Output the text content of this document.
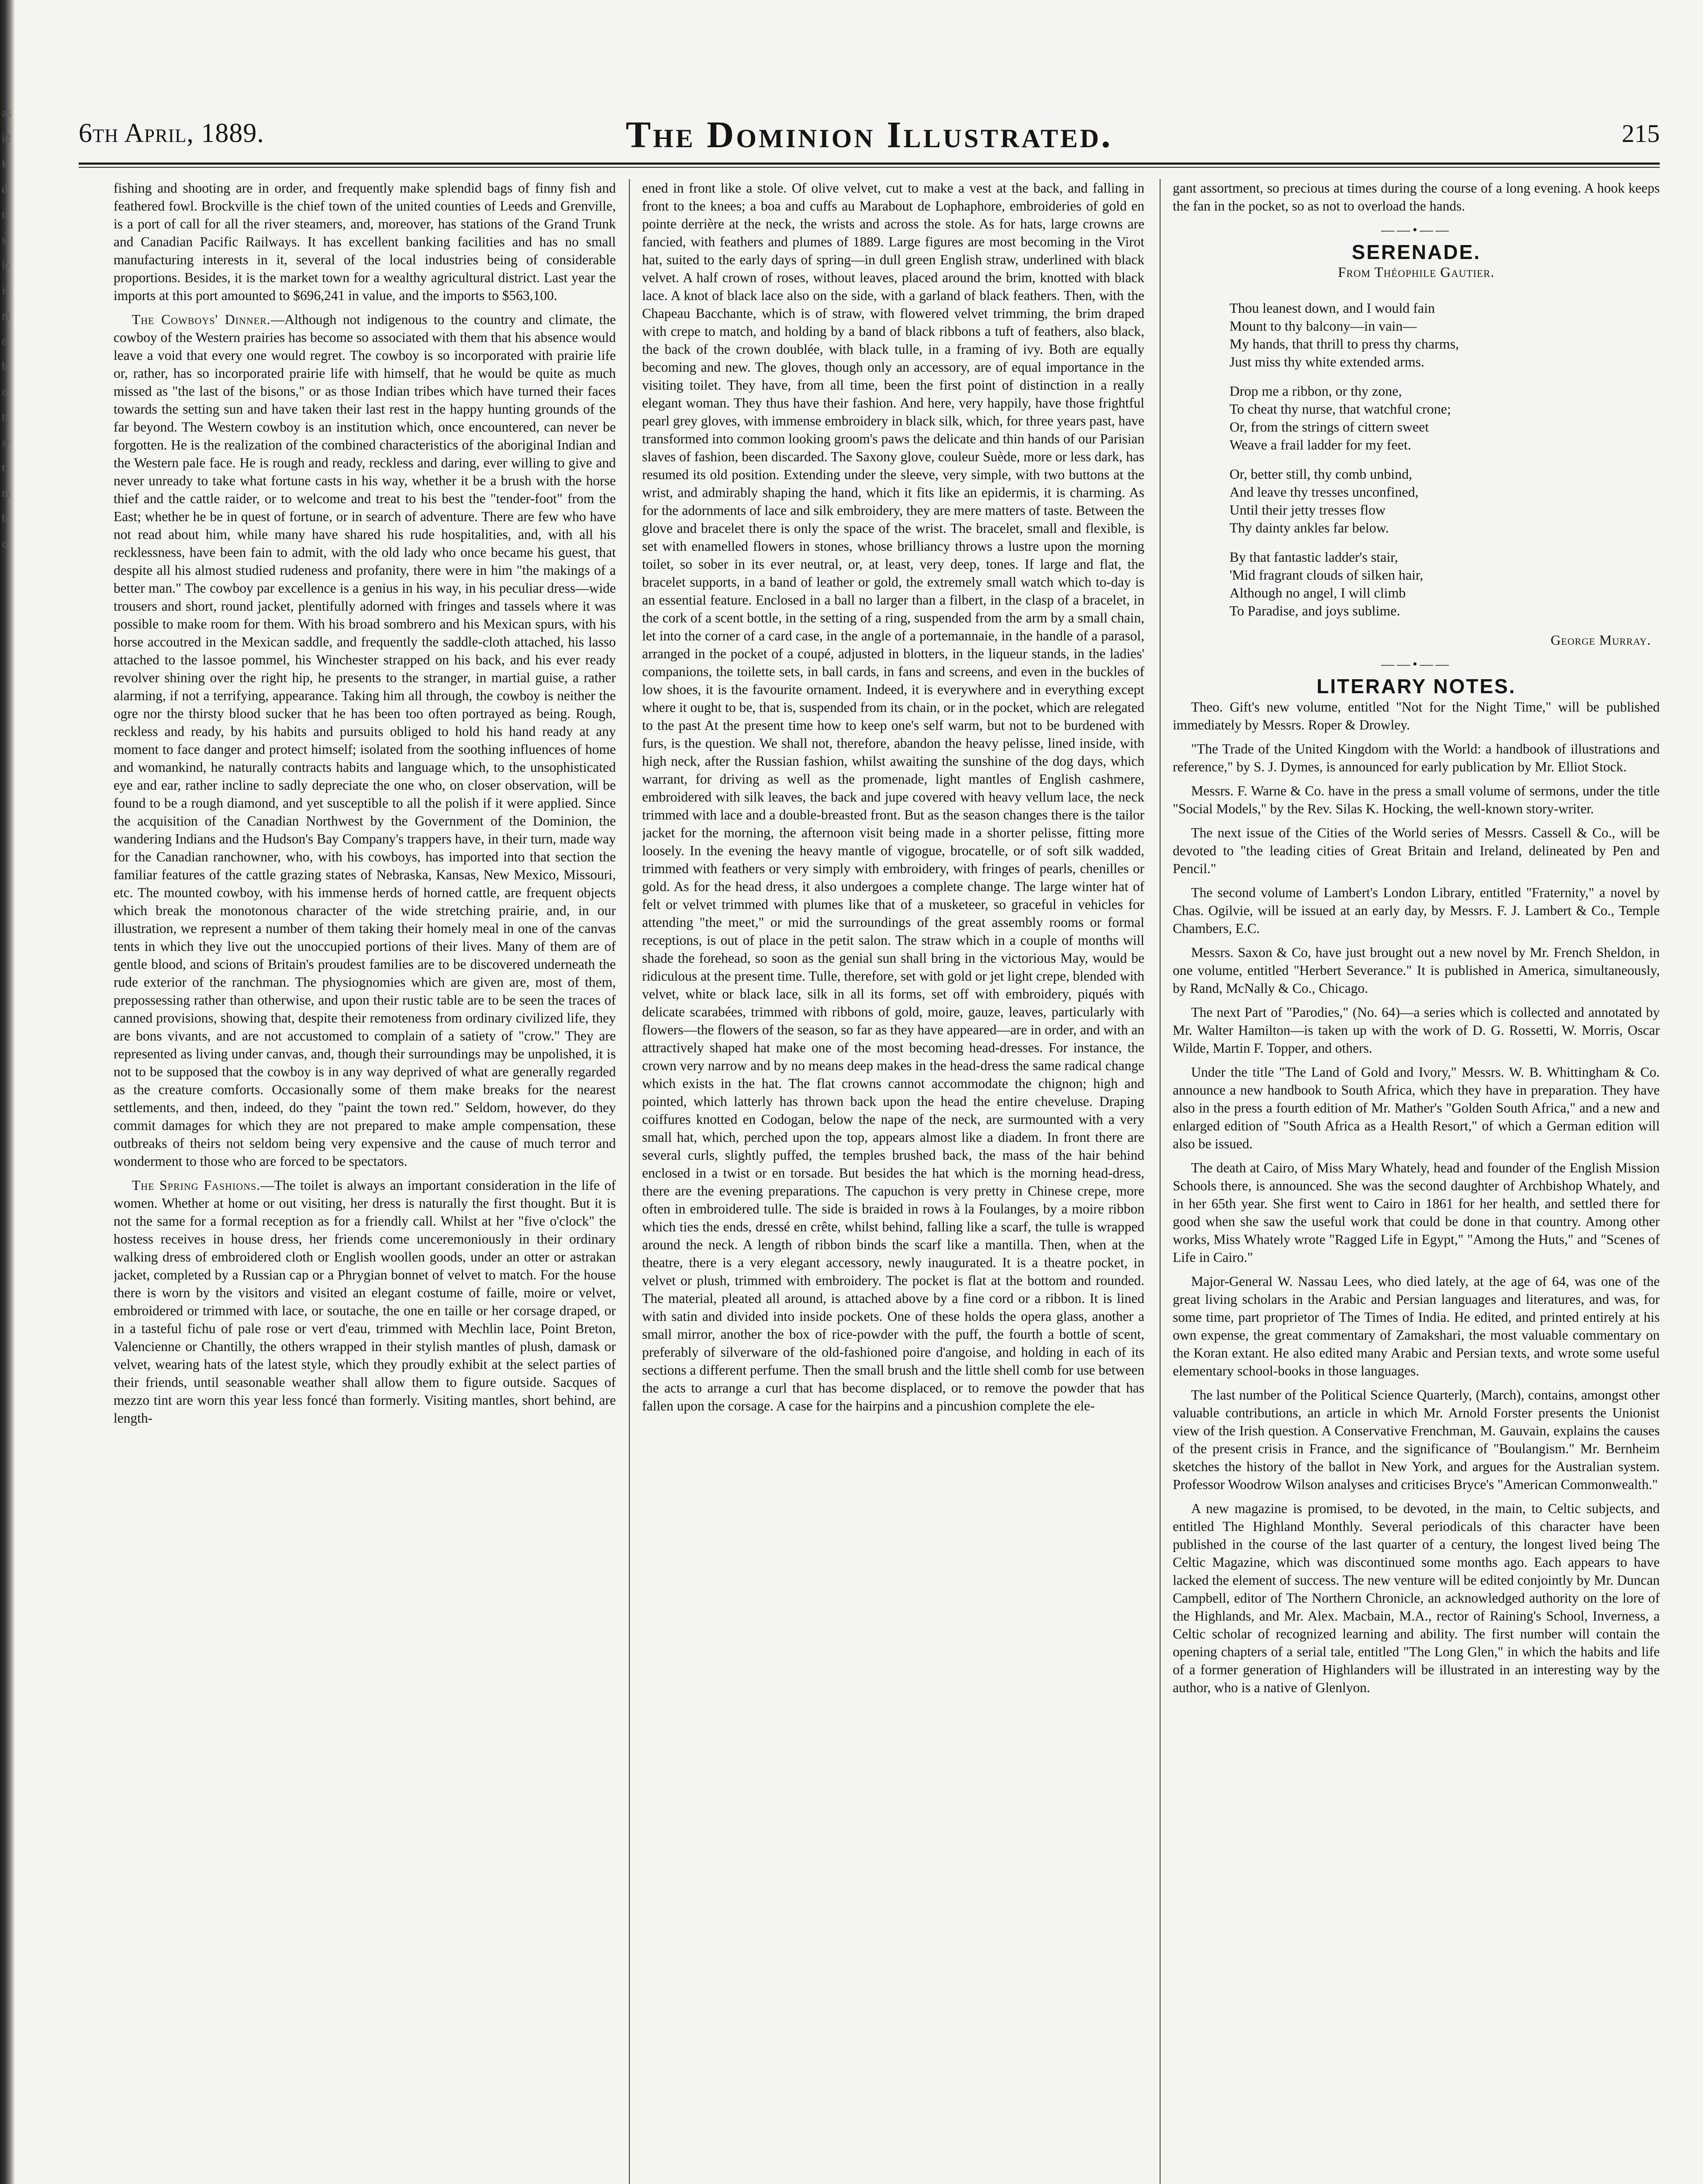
asidkd tis leisniobo tfsrtmbo
6th April, 1889.	The Dominion Illustrated.	215

fishing and shooting are in order, and frequently make splendid bags of finny fish and feathered fowl. Brockville is the chief town of the united counties of Leeds and Grenville, is a port of call for all the river steamers, and, moreover, has stations of the Grand Trunk and Canadian Pacific Railways. It has excellent banking facilities and has no small manufacturing interests in it, several of the local industries being of considerable proportions. Besides, it is the market town for a wealthy agricultural district. Last year the imports at this port amounted to $696,241 in value, and the imports to $563,100.

The Cowboys' Dinner.—Although not indigenous to the country and climate, the cowboy of the Western prairies has become so associated with them that his absence would leave a void that every one would regret. The cowboy is so incorporated with prairie life or, rather, has so incorporated prairie life with himself, that he would be quite as much missed as "the last of the bisons," or as those Indian tribes which have turned their faces towards the setting sun and have taken their last rest in the happy hunting grounds of the far beyond. The Western cowboy is an institution which, once encountered, can never be forgotten. He is the realization of the combined characteristics of the aboriginal Indian and the Western pale face. He is rough and ready, reckless and daring, ever willing to give and never unready to take what fortune casts in his way, whether it be a brush with the horse thief and the cattle raider, or to welcome and treat to his best the "tender-foot" from the East; whether he be in quest of fortune, or in search of adventure. There are few who have not read about him, while many have shared his rude hospitalities, and, with all his recklessness, have been fain to admit, with the old lady who once became his guest, that despite all his almost studied rudeness and profanity, there were in him "the makings of a better man." The cowboy par excellence is a genius in his way, in his peculiar dress—wide trousers and short, round jacket, plentifully adorned with fringes and tassels where it was possible to make room for them. With his broad sombrero and his Mexican spurs, with his horse accoutred in the Mexican saddle, and frequently the saddle-cloth attached, his lasso attached to the lassoe pommel, his Winchester strapped on his back, and his ever ready revolver shining over the right hip, he presents to the stranger, in martial guise, a rather alarming, if not a terrifying, appearance. Taking him all through, the cowboy is neither the ogre nor the thirsty blood sucker that he has been too often portrayed as being. Rough, reckless and ready, by his habits and pursuits obliged to hold his hand ready at any moment to face danger and protect himself; isolated from the soothing influences of home and womankind, he naturally contracts habits and language which, to the unsophisticated eye and ear, rather incline to sadly depreciate the one who, on closer observation, will be found to be a rough diamond, and yet susceptible to all the polish if it were applied. Since the acquisition of the Canadian Northwest by the Government of the Dominion, the wandering Indians and the Hudson's Bay Company's trappers have, in their turn, made way for the Canadian ranchowner, who, with his cowboys, has imported into that section the familiar features of the cattle grazing states of Nebraska, Kansas, New Mexico, Missouri, etc. The mounted cowboy, with his immense herds of horned cattle, are frequent objects which break the monotonous character of the wide stretching prairie, and, in our illustration, we represent a number of them taking their homely meal in one of the canvas tents in which they live out the unoccupied portions of their lives. Many of them are of gentle blood, and scions of Britain's proudest families are to be discovered underneath the rude exterior of the ranchman. The physiognomies which are given are, most of them, prepossessing rather than otherwise, and upon their rustic table are to be seen the traces of canned provisions, showing that, despite their remoteness from ordinary civilized life, they are bons vivants, and are not accustomed to complain of a satiety of "crow." They are represented as living under canvas, and, though their surroundings may be unpolished, it is not to be supposed that the cowboy is in any way deprived of what are generally regarded as the creature comforts. Occasionally some of them make breaks for the nearest settlements, and then, indeed, do they "paint the town red." Seldom, however, do they commit damages for which they are not prepared to make ample compensation, these outbreaks of theirs not seldom being very expensive and the cause of much terror and wonderment to those who are forced to be spectators.

The Spring Fashions.—The toilet is always an important consideration in the life of women. Whether at home or out visiting, her dress is naturally the first thought. But it is not the same for a formal reception as for a friendly call. Whilst at her "five o'clock" the hostess receives in house dress, her friends come unceremoniously in their ordinary walking dress of embroidered cloth or English woollen goods, under an otter or astrakan jacket, completed by a Russian cap or a Phrygian bonnet of velvet to match. For the house there is worn by the visitors and visited an elegant costume of faille, moire or velvet, embroidered or trimmed with lace, or soutache, the one en taille or her corsage draped, or in a tasteful fichu of pale rose or vert d'eau, trimmed with Mechlin lace, Point Breton, Valencienne or Chantilly, the others wrapped in their stylish mantles of plush, damask or velvet, wearing hats of the latest style, which they proudly exhibit at the select parties of their friends, until seasonable weather shall allow them to figure outside. Sacques of mezzo tint are worn this year less foncé than formerly. Visiting mantles, short behind, are length-

ened in front like a stole. Of olive velvet, cut to make a vest at the back, and falling in front to the knees; a boa and cuffs au Marabout de Lophaphore, embroideries of gold en pointe derrière at the neck, the wrists and across the stole. As for hats, large crowns are fancied, with feathers and plumes of 1889. Large figures are most becoming in the Virot hat, suited to the early days of spring—in dull green English straw, underlined with black velvet. A half crown of roses, without leaves, placed around the brim, knotted with black lace. A knot of black lace also on the side, with a garland of black feathers. Then, with the Chapeau Bacchante, which is of straw, with flowered velvet trimming, the brim draped with crepe to match, and holding by a band of black ribbons a tuft of feathers, also black, the back of the crown doublée, with black tulle, in a framing of ivy. Both are equally becoming and new. The gloves, though only an accessory, are of equal importance in the visiting toilet. They have, from all time, been the first point of distinction in a really elegant woman. They thus have their fashion. And here, very happily, have those frightful pearl grey gloves, with immense embroidery in black silk, which, for three years past, have transformed into common looking groom's paws the delicate and thin hands of our Parisian slaves of fashion, been discarded. The Saxony glove, couleur Suède, more or less dark, has resumed its old position. Extending under the sleeve, very simple, with two buttons at the wrist, and admirably shaping the hand, which it fits like an epidermis, it is charming. As for the adornments of lace and silk embroidery, they are mere matters of taste. Between the glove and bracelet there is only the space of the wrist. The bracelet, small and flexible, is set with enamelled flowers in stones, whose brilliancy throws a lustre upon the morning toilet, so sober in its ever neutral, or, at least, very deep, tones. If large and flat, the bracelet supports, in a band of leather or gold, the extremely small watch which to-day is an essential feature. Enclosed in a ball no larger than a filbert, in the clasp of a bracelet, in the cork of a scent bottle, in the setting of a ring, suspended from the arm by a small chain, let into the corner of a card case, in the angle of a portemannaie, in the handle of a parasol, arranged in the pocket of a coupé, adjusted in blotters, in the liqueur stands, in the ladies' companions, the toilette sets, in ball cards, in fans and screens, and even in the buckles of low shoes, it is the favourite ornament. Indeed, it is everywhere and in everything except where it ought to be, that is, suspended from its chain, or in the pocket, which are relegated to the past At the present time how to keep one's self warm, but not to be burdened with furs, is the question. We shall not, therefore, abandon the heavy pelisse, lined inside, with high neck, after the Russian fashion, whilst awaiting the sunshine of the dog days, which warrant, for driving as well as the promenade, light mantles of English cashmere, embroidered with silk leaves, the back and jupe covered with heavy vellum lace, the neck trimmed with lace and a double-breasted front. But as the season changes there is the tailor jacket for the morning, the afternoon visit being made in a shorter pelisse, fitting more loosely. In the evening the heavy mantle of vigogue, brocatelle, or of soft silk wadded, trimmed with feathers or very simply with embroidery, with fringes of pearls, chenilles or gold. As for the head dress, it also undergoes a complete change. The large winter hat of felt or velvet trimmed with plumes like that of a musketeer, so graceful in vehicles for attending "the meet," or mid the surroundings of the great assembly rooms or formal receptions, is out of place in the petit salon. The straw which in a couple of months will shade the forehead, so soon as the genial sun shall bring in the victorious May, would be ridiculous at the present time. Tulle, therefore, set with gold or jet light crepe, blended with velvet, white or black lace, silk in all its forms, set off with embroidery, piqués with delicate scarabées, trimmed with ribbons of gold, moire, gauze, leaves, particularly with flowers—the flowers of the season, so far as they have appeared—are in order, and with an attractively shaped hat make one of the most becoming head-dresses. For instance, the crown very narrow and by no means deep makes in the head-dress the same radical change which exists in the hat. The flat crowns cannot accommodate the chignon; high and pointed, which latterly has thrown back upon the head the entire cheveluse. Draping coiffures knotted en Codogan, below the nape of the neck, are surmounted with a very small hat, which, perched upon the top, appears almost like a diadem. In front there are several curls, slightly puffed, the temples brushed back, the mass of the hair behind enclosed in a twist or en torsade. But besides the hat which is the morning head-dress, there are the evening preparations. The capuchon is very pretty in Chinese crepe, more often in embroidered tulle. The side is braided in rows à la Foulanges, by a moire ribbon which ties the ends, dressé en crête, whilst behind, falling like a scarf, the tulle is wrapped around the neck. A length of ribbon binds the scarf like a mantilla. Then, when at the theatre, there is a very elegant accessory, newly inaugurated. It is a theatre pocket, in velvet or plush, trimmed with embroidery. The pocket is flat at the bottom and rounded. The material, pleated all around, is attached above by a fine cord or a ribbon. It is lined with satin and divided into inside pockets. One of these holds the opera glass, another a small mirror, another the box of rice-powder with the puff, the fourth a bottle of scent, preferably of silverware of the old-fashioned poire d'angoise, and holding in each of its sections a different perfume. Then the small brush and the little shell comb for use between the acts to arrange a curl that has become displaced, or to remove the powder that has fallen upon the corsage. A case for the hairpins and a pincushion complete the ele-

gant assortment, so precious at times during the course of a long evening. A hook keeps the fan in the pocket, so as not to overload the hands.

——•——
SERENADE.
From Théophile Gautier.
Thou leanest down, and I would fain
Mount to thy balcony—in vain—
My hands, that thrill to press thy charms,
Just miss thy white extended arms.
Drop me a ribbon, or thy zone,
To cheat thy nurse, that watchful crone;
Or, from the strings of cittern sweet
Weave a frail ladder for my feet.
Or, better still, thy comb unbind,
And leave thy tresses unconfined,
Until their jetty tresses flow
Thy dainty ankles far below.
By that fantastic ladder's stair,
'Mid fragrant clouds of silken hair,
Although no angel, I will climb
To Paradise, and joys sublime.
George Murray.
——•——
LITERARY NOTES.

Theo. Gift's new volume, entitled "Not for the Night Time," will be published immediately by Messrs. Roper & Drowley.

"The Trade of the United Kingdom with the World: a handbook of illustrations and reference," by S. J. Dymes, is announced for early publication by Mr. Elliot Stock.

Messrs. F. Warne & Co. have in the press a small volume of sermons, under the title "Social Models," by the Rev. Silas K. Hocking, the well-known story-writer.

The next issue of the Cities of the World series of Messrs. Cassell & Co., will be devoted to "the leading cities of Great Britain and Ireland, delineated by Pen and Pencil."

The second volume of Lambert's London Library, entitled "Fraternity," a novel by Chas. Ogilvie, will be issued at an early day, by Messrs. F. J. Lambert & Co., Temple Chambers, E.C.

Messrs. Saxon & Co, have just brought out a new novel by Mr. French Sheldon, in one volume, entitled "Herbert Severance." It is published in America, simultaneously, by Rand, McNally & Co., Chicago.

The next Part of "Parodies," (No. 64)—a series which is collected and annotated by Mr. Walter Hamilton—is taken up with the work of D. G. Rossetti, W. Morris, Oscar Wilde, Martin F. Topper, and others.

Under the title "The Land of Gold and Ivory," Messrs. W. B. Whittingham & Co. announce a new handbook to South Africa, which they have in preparation. They have also in the press a fourth edition of Mr. Mather's "Golden South Africa," and a new and enlarged edition of "South Africa as a Health Resort," of which a German edition will also be issued.

The death at Cairo, of Miss Mary Whately, head and founder of the English Mission Schools there, is announced. She was the second daughter of Archbishop Whately, and in her 65th year. She first went to Cairo in 1861 for her health, and settled there for good when she saw the useful work that could be done in that country. Among other works, Miss Whately wrote "Ragged Life in Egypt," "Among the Huts," and "Scenes of Life in Cairo."

Major-General W. Nassau Lees, who died lately, at the age of 64, was one of the great living scholars in the Arabic and Persian languages and literatures, and was, for some time, part proprietor of The Times of India. He edited, and printed entirely at his own expense, the great commentary of Zamakshari, the most valuable commentary on the Koran extant. He also edited many Arabic and Persian texts, and wrote some useful elementary school-books in those languages.

The last number of the Political Science Quarterly, (March), contains, amongst other valuable contributions, an article in which Mr. Arnold Forster presents the Unionist view of the Irish question. A Conservative Frenchman, M. Gauvain, explains the causes of the present crisis in France, and the significance of "Boulangism." Mr. Bernheim sketches the history of the ballot in New York, and argues for the Australian system. Professor Woodrow Wilson analyses and criticises Bryce's "American Commonwealth."

A new magazine is promised, to be devoted, in the main, to Celtic subjects, and entitled The Highland Monthly. Several periodicals of this character have been published in the course of the last quarter of a century, the longest lived being The Celtic Magazine, which was discontinued some months ago. Each appears to have lacked the element of success. The new venture will be edited conjointly by Mr. Duncan Campbell, editor of The Northern Chronicle, an acknowledged authority on the lore of the Highlands, and Mr. Alex. Macbain, M.A., rector of Raining's School, Inverness, a Celtic scholar of recognized learning and ability. The first number will contain the opening chapters of a serial tale, entitled "The Long Glen," in which the habits and life of a former generation of Highlanders will be illustrated in an interesting way by the author, who is a native of Glenlyon.
